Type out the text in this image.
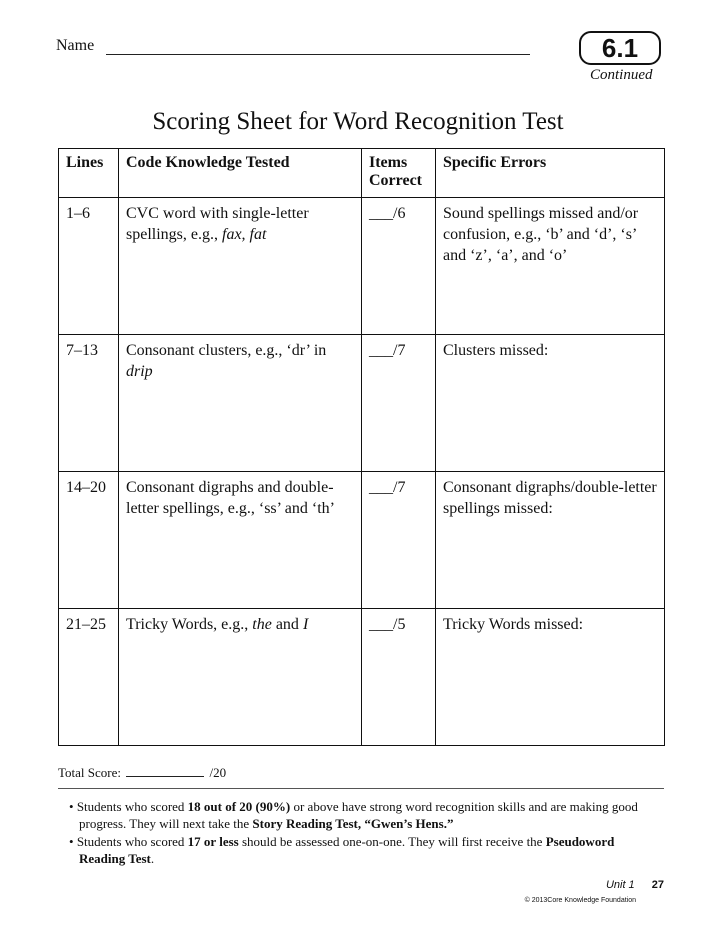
Name	6.1
Continued
Scoring Sheet for Word Recognition Test
Lines	Code Knowledge Tested	Items Correct	Specific Errors
1–6	CVC word with single-letter spellings, e.g., fax, fat	___/6	Sound spellings missed and/or confusion, e.g., ‘b’ and ‘d’, ‘s’ and ‘z’, ‘a’, and ‘o’
7–13	Consonant clusters, e.g., ‘dr’ in drip	___/7	Clusters missed:
14–20	Consonant digraphs and double-letter spellings, e.g., ‘ss’ and ‘th’	___/7	Consonant digraphs/double-letter spellings missed:
21–25	Tricky Words, e.g., the and I	___/5	Tricky Words missed:
Total Score:	/20
• Students who scored 18 out of 20 (90%) or above have strong word recognition skills and are making good progress. They will next take the Story Reading Test, “Gwen’s Hens.”
• Students who scored 17 or less should be assessed one-on-one. They will first receive the Pseudoword Reading Test.
Unit 1 27
© 2013Core Knowledge Foundation
